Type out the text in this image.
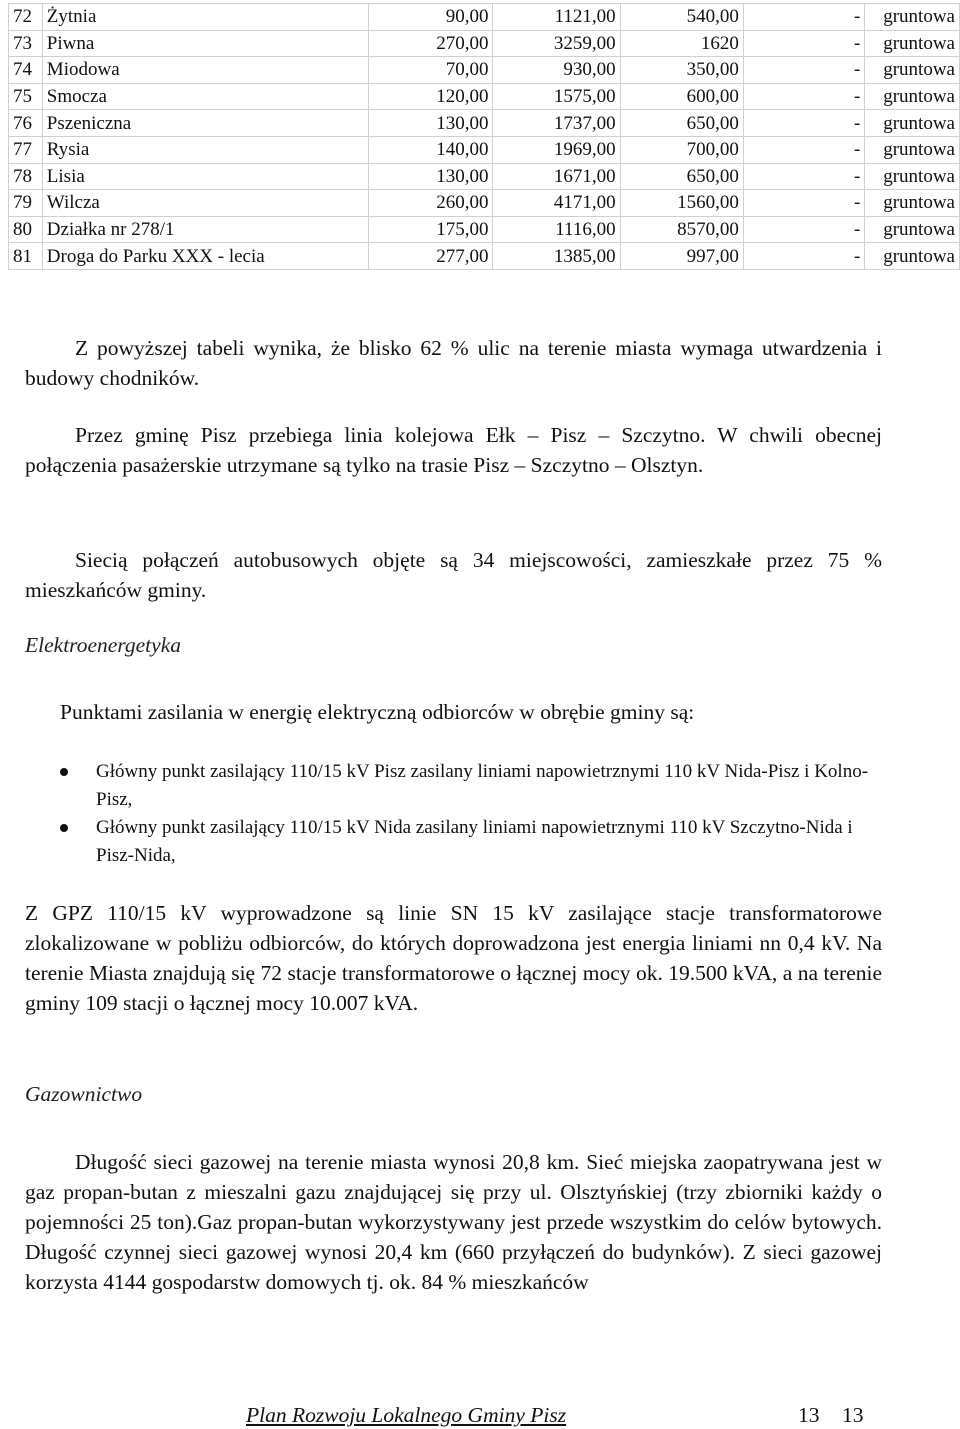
72	Żytnia	90,00	1121,00	540,00	-	gruntowa
73	Piwna	270,00	3259,00	1620	-	gruntowa
74	Miodowa	70,00	930,00	350,00	-	gruntowa
75	Smocza	120,00	1575,00	600,00	-	gruntowa
76	Pszeniczna	130,00	1737,00	650,00	-	gruntowa
77	Rysia	140,00	1969,00	700,00	-	gruntowa
78	Lisia	130,00	1671,00	650,00	-	gruntowa
79	Wilcza	260,00	4171,00	1560,00	-	gruntowa
80	Działka nr 278/1	175,00	1116,00	8570,00	-	gruntowa
81	Droga do Parku XXX - lecia	277,00	1385,00	997,00	-	gruntowa

Z powyższej tabeli wynika, że blisko 62 % ulic na terenie miasta wymaga utwardzenia i budowy chodników.

Przez gminę Pisz przebiega linia kolejowa Ełk – Pisz – Szczytno. W chwili obecnej połączenia pasażerskie utrzymane są tylko na trasie Pisz – Szczytno – Olsztyn.

Siecią połączeń autobusowych objęte są 34 miejscowości, zamieszkałe przez 75 % mieszkańców gminy.

Elektroenergetyka

Punktami zasilania w energię elektryczną odbiorców w obrębie gminy są:

Główny punkt zasilający 110/15 kV Pisz zasilany liniami napowietrznymi 110 kV Nida-Pisz i Kolno-Pisz,
Główny punkt zasilający 110/15 kV Nida zasilany liniami napowietrznymi 110 kV Szczytno-Nida i Pisz-Nida,

Z GPZ 110/15 kV wyprowadzone są linie SN 15 kV zasilające stacje transformatorowe zlokalizowane w pobliżu odbiorców, do których doprowadzona jest energia liniami nn 0,4 kV. Na terenie Miasta znajdują się 72 stacje transformatorowe o łącznej mocy ok. 19.500 kVA, a na terenie gminy 109 stacji o łącznej mocy 10.007 kVA.

Gazownictwo

Długość sieci gazowej na terenie miasta wynosi 20,8 km. Sieć miejska zaopatrywana jest w gaz propan-butan z mieszalni gazu znajdującej się przy ul. Olsztyńskiej (trzy zbiorniki każdy o pojemności 25 ton).Gaz propan-butan wykorzystywany jest przede wszystkim do celów bytowych. Długość czynnej sieci gazowej wynosi 20,4 km (660 przyłączeń do budynków). Z sieci gazowej korzysta 4144 gospodarstw domowych tj. ok. 84 % mieszkańców

Plan Rozwoju Lokalnego Gminy Pisz	13 13
